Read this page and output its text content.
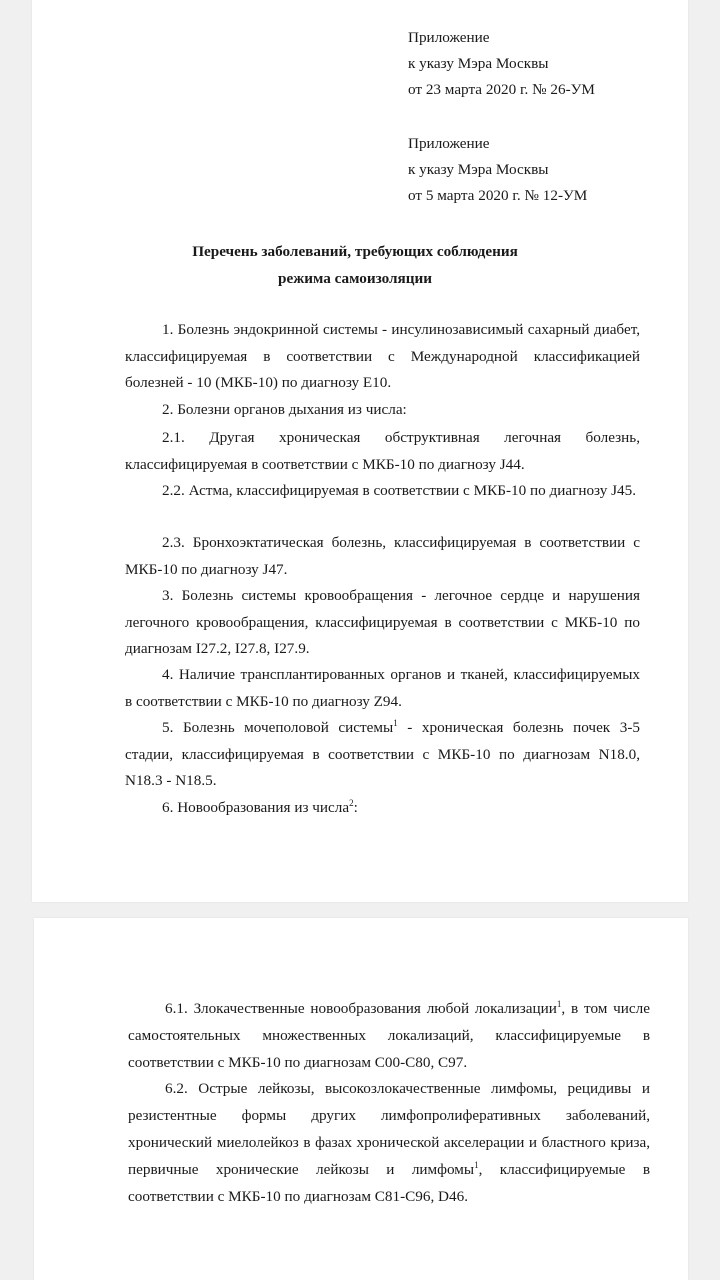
Приложение
к указу Мэра Москвы
от 23 марта 2020 г. № 26-УМ
Приложение
к указу Мэра Москвы
от 5 марта 2020 г. № 12-УМ
Перечень заболеваний, требующих соблюдения
режима самоизоляции
1. Болезнь эндокринной системы - инсулинозависимый сахарный диабет, классифицируемая в соответствии с Международной классификацией болезней - 10 (МКБ-10) по диагнозу Е10.
2. Болезни органов дыхания из числа:
2.1. Другая хроническая обструктивная легочная болезнь, классифицируемая в соответствии с МКБ-10 по диагнозу J44.
2.2. Астма, классифицируемая в соответствии с МКБ-10 по диагнозу J45.
2.3. Бронхоэктатическая болезнь, классифицируемая в соответствии с МКБ-10 по диагнозу J47.
3. Болезнь системы кровообращения - легочное сердце и нарушения легочного кровообращения, классифицируемая в соответствии с МКБ-10 по диагнозам I27.2, I27.8, I27.9.
4. Наличие трансплантированных органов и тканей, классифицируемых в соответствии с МКБ-10 по диагнозу Z94.
5. Болезнь мочеполовой системы$^1$ - хроническая болезнь почек 3-5 стадии, классифицируемая в соответствии с МКБ-10 по диагнозам N18.0, N18.3 - N18.5.
6. Новообразования из числа$^2$:
6.1. Злокачественные новообразования любой локализации$^1$, в том числе самостоятельных множественных локализаций, классифицируемые в соответствии с МКБ-10 по диагнозам С00-С80, С97.
6.2. Острые лейкозы, высокозлокачественные лимфомы, рецидивы и резистентные формы других лимфопролиферативных заболеваний, хронический миелолейкоз в фазах хронической акселерации и бластного криза, первичные хронические лейкозы и лимфомы$^1$, классифицируемые в соответствии с МКБ-10 по диагнозам С81-С96, D46.
